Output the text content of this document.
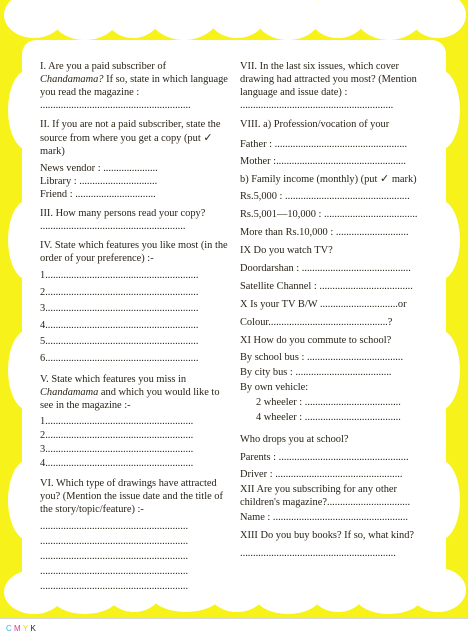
I. Are you a paid subscriber of Chandamama? If so, state in which language you read the magazine :

..........................................................

II. If you are not a paid subscriber, state the source from where you get a copy (put ✓ mark)

News vendor : .....................

Library : ..............................

Friend : ...............................

III. How many persons read your copy?

........................................................

IV. State which features you like most (in the order of your preference) :-

1...........................................................

2...........................................................

3...........................................................

4...........................................................

5...........................................................

6...........................................................

V. State which features you miss in Chandamama and which you would like to see in the magazine :-

1.........................................................

2.........................................................

3.........................................................

4.........................................................

VI. Which type of drawings have attracted you? (Mention the issue date and the title of the story/topic/feature) :-

.........................................................

.........................................................

.........................................................

.........................................................

.........................................................

VII. In the last six issues, which cover drawing had attracted you most? (Mention language and issue date) :

...........................................................

VIII. a) Profession/vocation of your

Father : ...................................................

Mother :..................................................

b) Family income (monthly) (put ✓ mark)

Rs.5,000 : ................................................

Rs.5,001—10,000 : ....................................

More than Rs.10,000 : ............................

IX Do you watch TV?

Doordarshan : ..........................................

Satellite Channel : ....................................

X Is your TV B/W ..............................or

Colour..............................................?

XI How do you commute to school?

By school bus : .....................................

By city bus : .....................................

By own vehicle:

2 wheeler : .....................................

4 wheeler : .....................................

Who drops you at school?

Parents : ..................................................

Driver : .................................................

XII Are you subscribing for any other children's magazine?................................

Name : ....................................................

XIII Do you buy books? If so, what kind?

............................................................

C M Y K
